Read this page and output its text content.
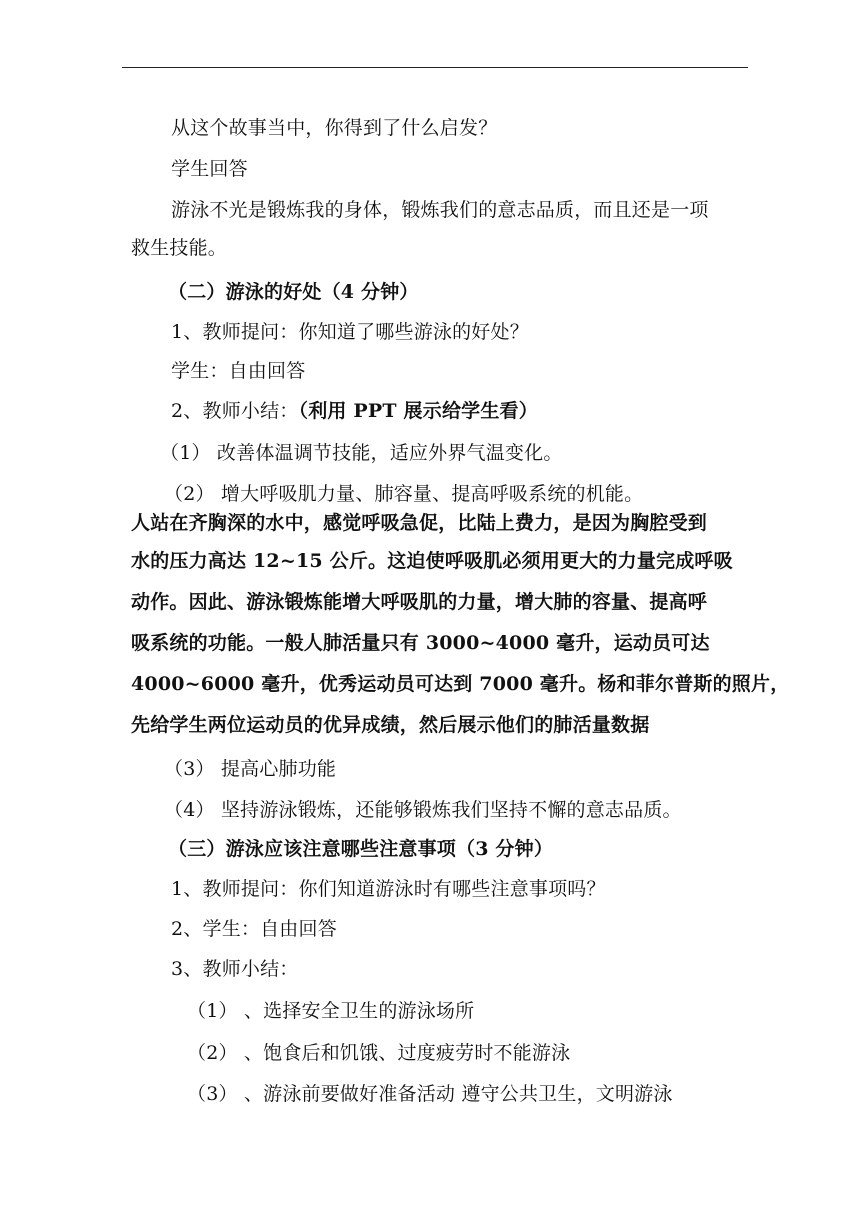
从这个故事当中，你得到了什么启发？
学生回答
游泳不光是锻炼我的身体，锻炼我们的意志品质，而且还是一项
救生技能。
（二）游泳的好处（4 分钟）
1、教师提问：你知道了哪些游泳的好处？
学生：自由回答
2、教师小结：（利用 PPT 展示给学生看）
（1） 改善体温调节技能，适应外界气温变化。
（2） 增大呼吸肌力量、肺容量、提高呼吸系统的机能。
人站在齐胸深的水中，感觉呼吸急促，比陆上费力，是因为胸腔受到
水的压力高达 12~15 公斤。这迫使呼吸肌必须用更大的力量完成呼吸
动作。因此、游泳锻炼能增大呼吸肌的力量，增大肺的容量、提高呼
吸系统的功能。一般人肺活量只有 3000~4000 毫升，运动员可达
4000~6000 毫升，优秀运动员可达到 7000 毫升。杨和菲尔普斯的照片，
先给学生两位运动员的优异成绩，然后展示他们的肺活量数据
（3） 提高心肺功能
（4） 坚持游泳锻炼，还能够锻炼我们坚持不懈的意志品质。
（三）游泳应该注意哪些注意事项（3 分钟）
1、教师提问：你们知道游泳时有哪些注意事项吗？
2、学生：自由回答
3、教师小结：
（1） 、选择安全卫生的游泳场所
（2） 、饱食后和饥饿、过度疲劳时不能游泳
（3） 、游泳前要做好准备活动 遵守公共卫生，文明游泳
